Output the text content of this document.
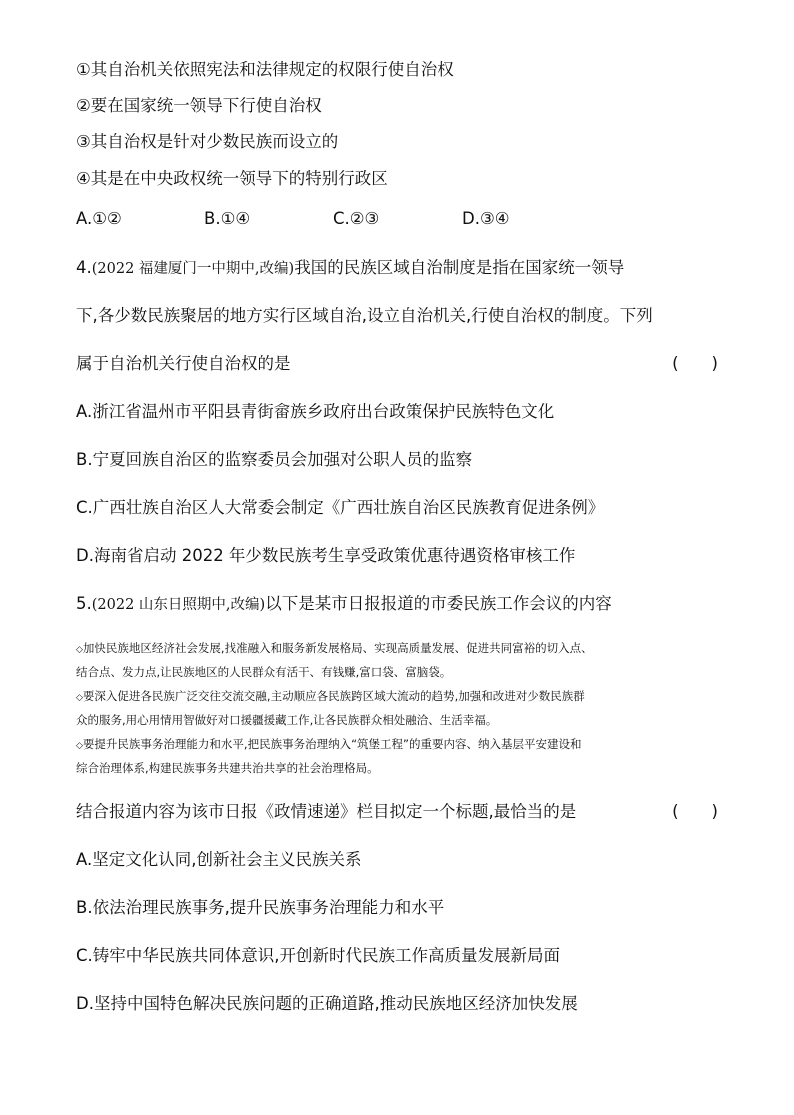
①其自治机关依照宪法和法律规定的权限行使自治权
②要在国家统一领导下行使自治权
③其自治权是针对少数民族而设立的
④其是在中央政权统一领导下的特别行政区
A.①②	B.①④	C.②③	D.③④
4.(2022 福建厦门一中期中,改编)我国的民族区域自治制度是指在国家统一领导
下,各少数民族聚居的地方实行区域自治,设立自治机关,行使自治权的制度。下列
属于自治机关行使自治权的是	(　　)
A.浙江省温州市平阳县青街畲族乡政府出台政策保护民族特色文化
B.宁夏回族自治区的监察委员会加强对公职人员的监察
C.广西壮族自治区人大常委会制定《广西壮族自治区民族教育促进条例》
D.海南省启动 2022 年少数民族考生享受政策优惠待遇资格审核工作
5.(2022 山东日照期中,改编)以下是某市日报报道的市委民族工作会议的内容
◇加快民族地区经济社会发展,找准融入和服务新发展格局、实现高质量发展、促进共同富裕的切入点、
结合点、发力点,让民族地区的人民群众有活干、有钱赚,富口袋、富脑袋。
◇要深入促进各民族广泛交往交流交融,主动顺应各民族跨区域大流动的趋势,加强和改进对少数民族群
众的服务,用心用情用智做好对口援疆援藏工作,让各民族群众相处融洽、生活幸福。
◇要提升民族事务治理能力和水平,把民族事务治理纳入“筑堡工程”的重要内容、纳入基层平安建设和
综合治理体系,构建民族事务共建共治共享的社会治理格局。
结合报道内容为该市日报《政情速递》栏目拟定一个标题,最恰当的是	(　　)
A.坚定文化认同,创新社会主义民族关系
B.依法治理民族事务,提升民族事务治理能力和水平
C.铸牢中华民族共同体意识,开创新时代民族工作高质量发展新局面
D.坚持中国特色解决民族问题的正确道路,推动民族地区经济加快发展
